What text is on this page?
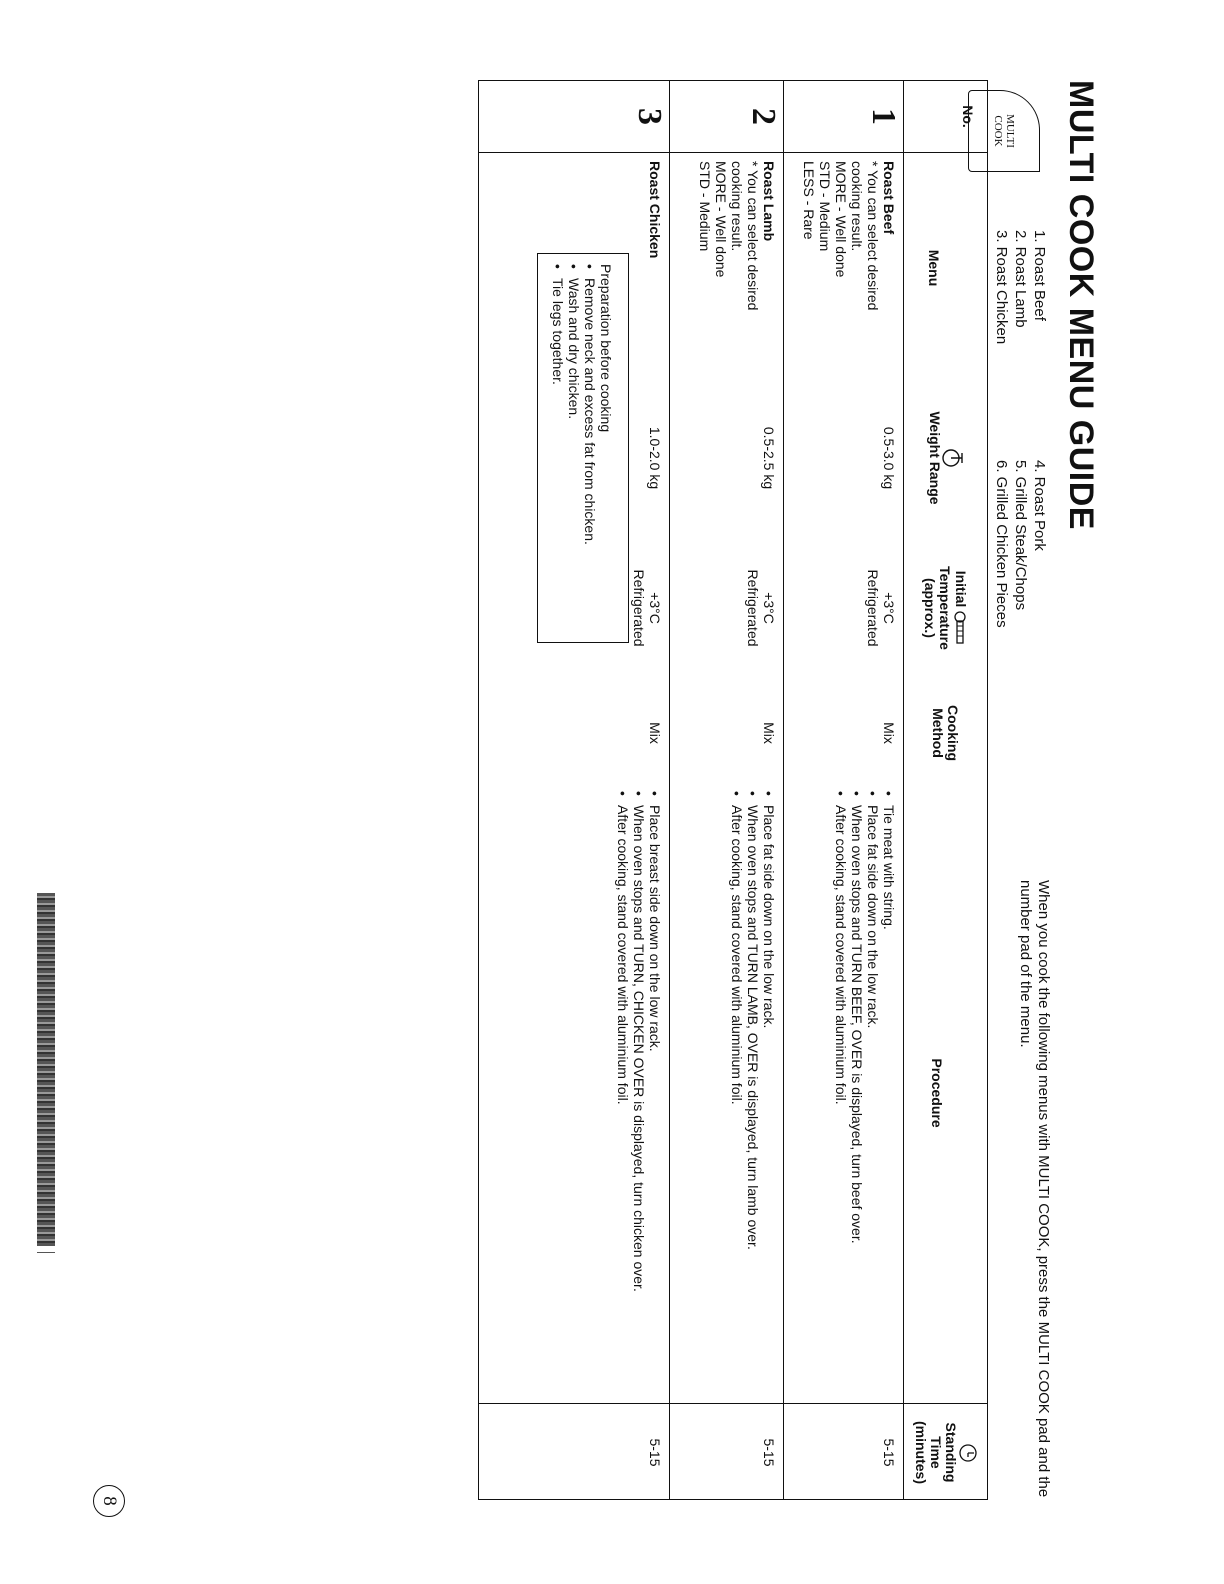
MULTI COOK MENU GUIDE
MULTI
COOK
1. Roast Beef
4. Roast Pork
2. Roast Lamb
5. Grilled Steak/Chops
3. Roast Chicken
6. Grilled Chicken Pieces
When you cook the following menus with MULTI COOK, press the MULTI COOK pad and the number pad of the menu.
No.
Menu
Weight Range
Initial
Temperature
(approx.)
Cooking
Method
Procedure
Standing
Time
(minutes)
1
Roast Beef
* You can select desired
cooking result.
MORE - Well done
STD - Medium
LESS - Rare
0.5-3.0 kg
+3°C
Refrigerated
Mix
• Tie meat with string.
• Place fat side down on the low rack.
• When oven stops and TURN BEEF, OVER is displayed, turn beef over.
• After cooking, stand covered with aluminium foil.
5-15
2
Roast Lamb
* You can select desired
cooking result.
MORE - Well done
STD - Medium
0.5-2.5 kg
+3°C
Refrigerated
Mix
• Place fat side down on the low rack.
• When oven stops and TURN LAMB, OVER is displayed, turn lamb over.
• After cooking, stand covered with aluminium foil.
5-15
3
Roast Chicken
Preparation before cooking
• Remove neck and excess fat from chicken.
• Wash and dry chicken.
• Tie legs together.
1.0-2.0 kg
+3°C
Refrigerated
Mix
• Place breast side down on the low rack.
• When oven stops and TURN, CHICKEN OVER is displayed, turn chicken over.
• After cooking, stand covered with aluminium foil.
5-15
8
